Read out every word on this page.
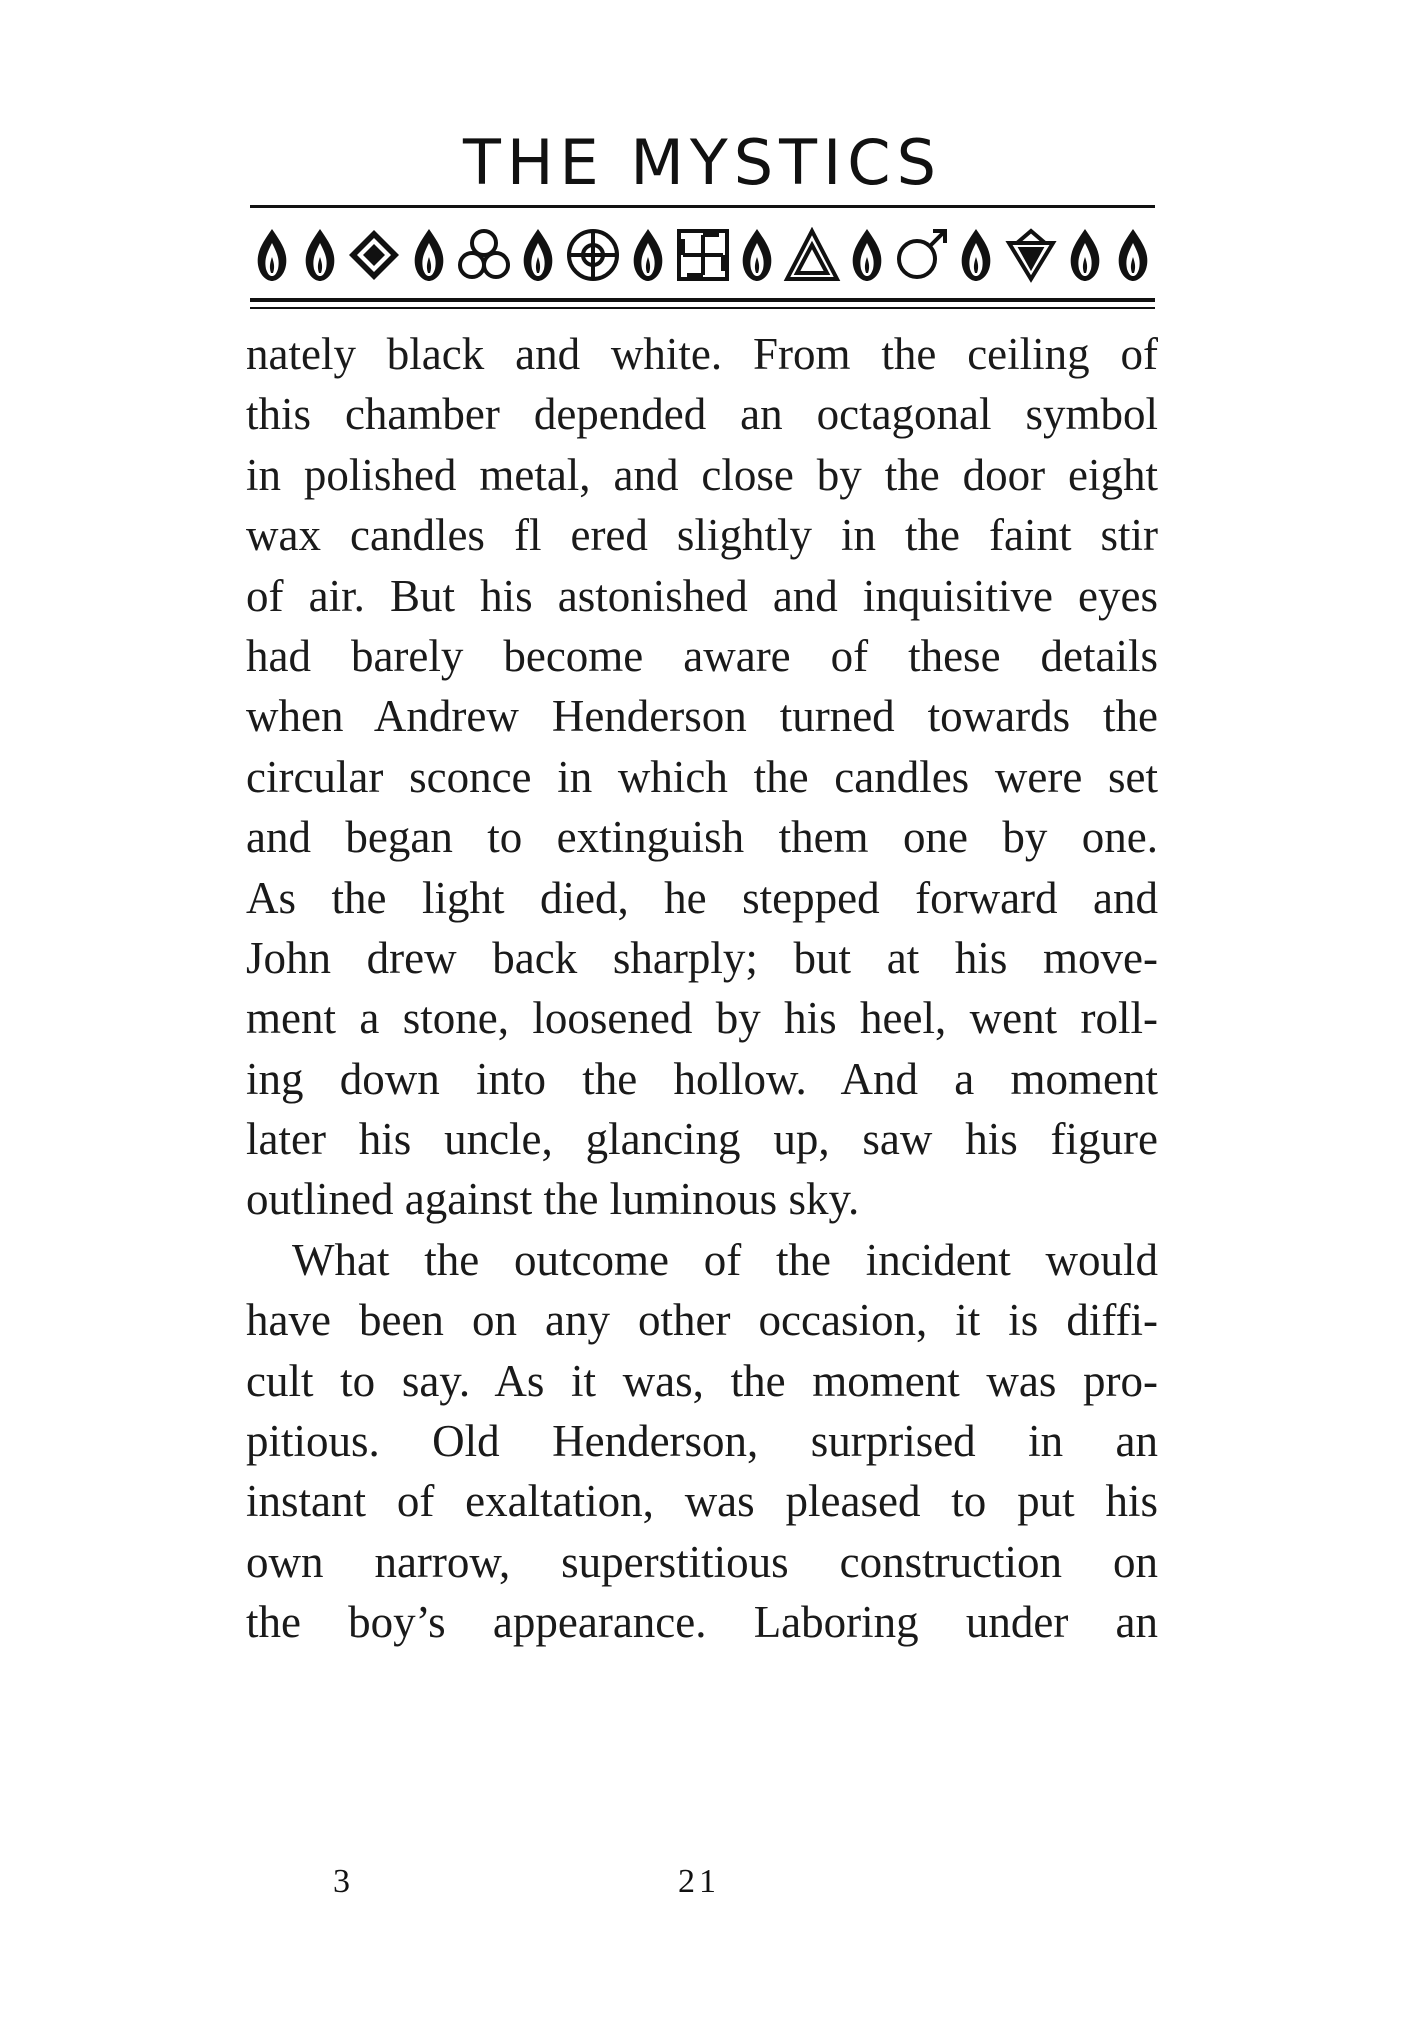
THE MYSTICS
nately black and white. From the ceiling of
this chamber depended an octagonal symbol
in polished metal, and close by the door eight
wax candles fl ered slightly in the faint stir
of air. But his astonished and inquisitive eyes
had barely become aware of these details
when Andrew Henderson turned towards the
circular sconce in which the candles were set
and began to extinguish them one by one.
As the light died, he stepped forward and
John drew back sharply; but at his move-
ment a stone, loosened by his heel, went roll-
ing down into the hollow. And a moment
later his uncle, glancing up, saw his figure
outlined against the luminous sky.
What the outcome of the incident would
have been on any other occasion, it is diffi-
cult to say. As it was, the moment was pro-
pitious. Old Henderson, surprised in an
instant of exaltation, was pleased to put his
own narrow, superstitious construction on
the boy’s appearance. Laboring under an
3	21
